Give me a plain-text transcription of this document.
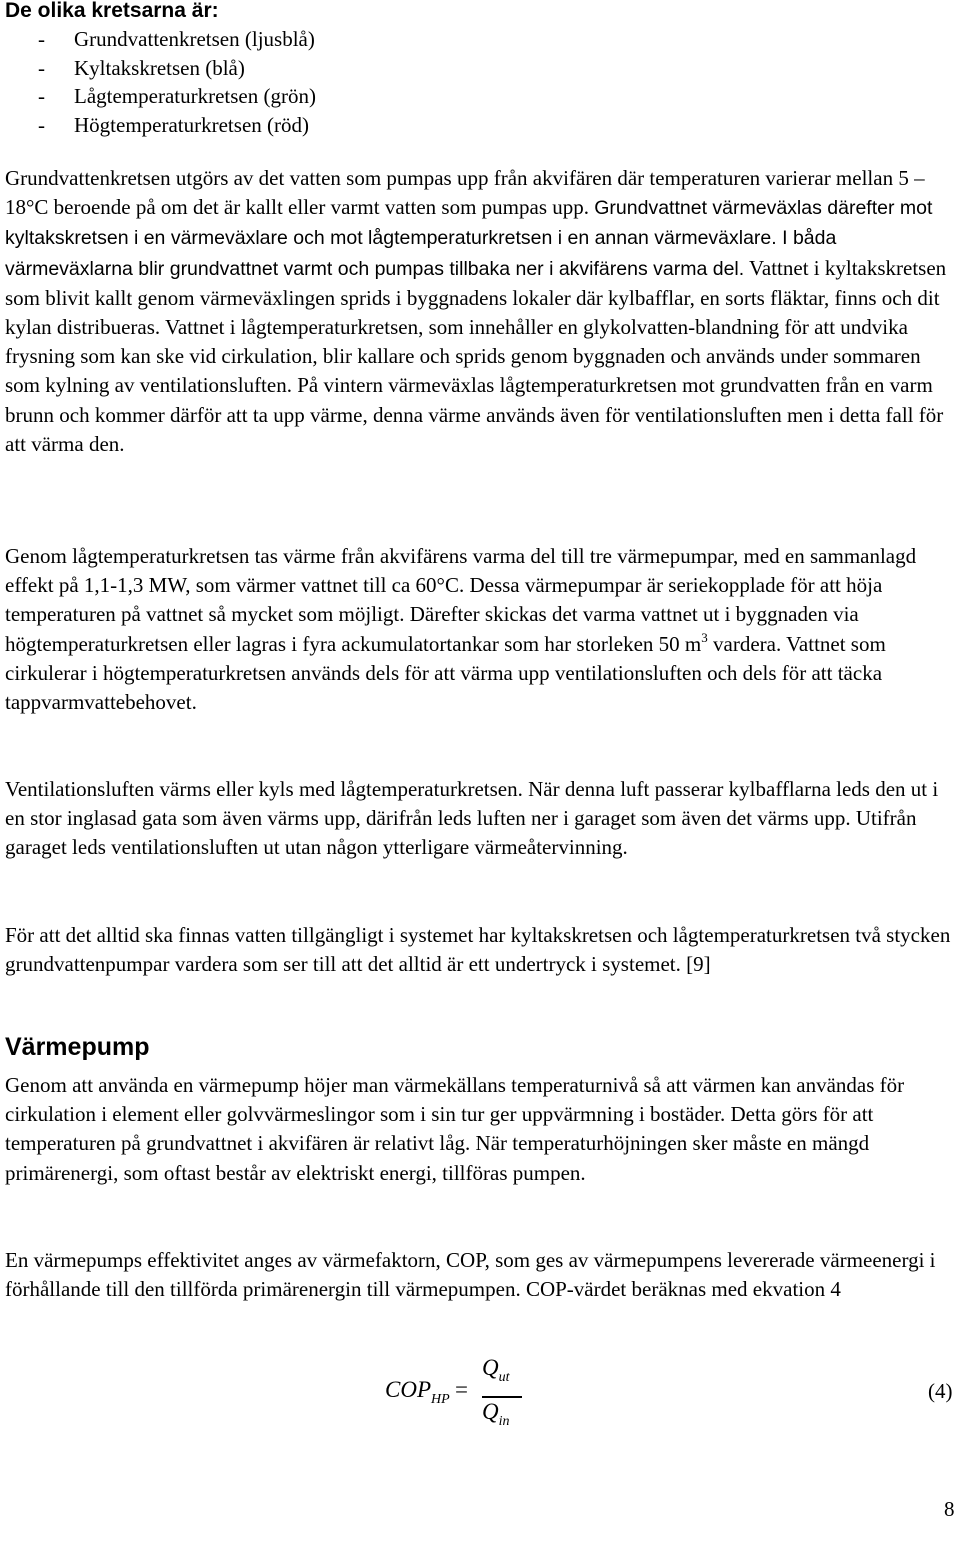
De olika kretsarna är:
- Grundvattenkretsen (ljusblå)
- Kyltakskretsen (blå)
- Lågtemperaturkretsen (grön)
- Högtemperaturkretsen (röd)
Grundvattenkretsen utgörs av det vatten som pumpas upp från akvifären där temperaturen varierar mellan 5 – 18°C beroende på om det är kallt eller varmt vatten som pumpas upp. Grundvattnet värmeväxlas därefter mot kyltakskretsen i en värmeväxlare och mot lågtemperaturkretsen i en annan värmeväxlare. I båda värmeväxlarna blir grundvattnet varmt och pumpas tillbaka ner i akvifärens varma del. Vattnet i kyltakskretsen som blivit kallt genom värmeväxlingen sprids i byggnadens lokaler där kylbafflar, en sorts fläktar, finns och dit kylan distribueras. Vattnet i lågtemperaturkretsen, som innehåller en glykolvatten-blandning för att undvika frysning som kan ske vid cirkulation, blir kallare och sprids genom byggnaden och används under sommaren som kylning av ventilationsluften. På vintern värmeväxlas lågtemperaturkretsen mot grundvatten från en varm brunn och kommer därför att ta upp värme, denna värme används även för ventilationsluften men i detta fall för att värma den.
Genom lågtemperaturkretsen tas värme från akvifärens varma del till tre värmepumpar, med en sammanlagd effekt på 1,1-1,3 MW, som värmer vattnet till ca 60°C. Dessa värmepumpar är seriekopplade för att höja temperaturen på vattnet så mycket som möjligt. Därefter skickas det varma vattnet ut i byggnaden via högtemperaturkretsen eller lagras i fyra ackumulatortankar som har storleken 50 $m^3$ vardera. Vattnet som cirkulerar i högtemperaturkretsen används dels för att värma upp ventilationsluften och dels för att täcka tappvarmvattebehovet.
Ventilationsluften värms eller kyls med lågtemperaturkretsen. När denna luft passerar kylbafflarna leds den ut i en stor inglasad gata som även värms upp, därifrån leds luften ner i garaget som även det värms upp. Utifrån garaget leds ventilationsluften ut utan någon ytterligare värmeåtervinning.
För att det alltid ska finnas vatten tillgängligt i systemet har kyltakskretsen och lågtemperaturkretsen två stycken grundvattenpumpar vardera som ser till att det alltid är ett undertryck i systemet. [9]
Värmepump
Genom att använda en värmepump höjer man värmekällans temperaturnivå så att värmen kan användas för cirkulation i element eller golvvärmeslingor som i sin tur ger uppvärmning i bostäder. Detta görs för att temperaturen på grundvattnet i akvifären är relativt låg. När temperaturhöjningen sker måste en mängd primärenergi, som oftast består av elektriskt energi, tillföras pumpen.
En värmepumps effektivitet anges av värmefaktorn, COP, som ges av värmepumpens levererade värmeenergi i förhållande till den tillförda primärenergin till värmepumpen. COP-värdet beräknas med ekvation 4
$COP_{HP}$ =
$Q_{ut}$
$Q_{in}$
(4)
8
